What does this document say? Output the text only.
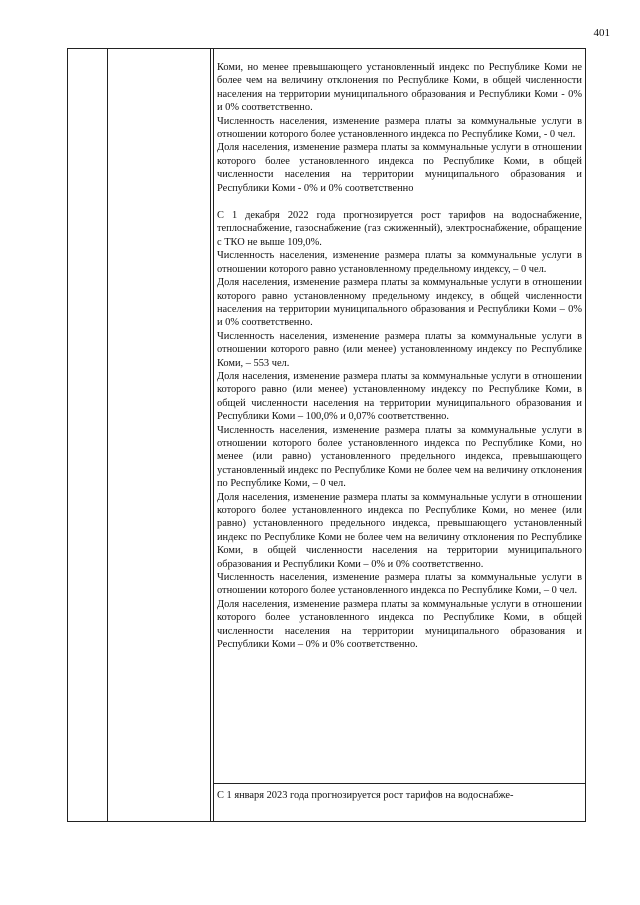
401

Коми, но менее превышающего установленный индекс по Республике Коми не более чем на величину отклонения по Республике Коми, в общей численности населения на территории муниципального образования и Республики Коми - 0% и 0% соответственно.

Численность населения, изменение размера платы за коммунальные услуги в отношении которого более установленного индекса по Республике Коми, - 0 чел.

Доля населения, изменение размера платы за коммунальные услуги в отношении которого более установленного индекса по Республике Коми, в общей численности населения на территории муниципального образования и Республики Коми - 0% и 0% соответственно

С 1 декабря 2022 года прогнозируется рост тарифов на водоснабжение, теплоснабжение, газоснабжение (газ сжиженный), электроснабжение, обращение с ТКО не выше 109,0%.

Численность населения, изменение размера платы за коммунальные услуги в отношении которого равно установленному предельному индексу, – 0 чел.

Доля населения, изменение размера платы за коммунальные услуги в отношении которого равно установленному предельному индексу, в общей численности населения на территории муниципального образования и Республики Коми – 0% и 0% соответственно.

Численность населения, изменение размера платы за коммунальные услуги в отношении которого равно (или менее) установленному индексу по Республике Коми, – 553 чел.

Доля населения, изменение размера платы за коммунальные услуги в отношении которого равно (или менее) установленному индексу по Республике Коми, в общей численности населения на территории муниципального образования и Республики Коми – 100,0% и 0,07% соответственно.

Численность населения, изменение размера платы за коммунальные услуги в отношении которого более установленного индекса по Республике Коми, но менее (или равно) установленного предельного индекса, превышающего установленный индекс по Республике Коми не более чем на величину отклонения по Республике Коми, – 0 чел.

Доля населения, изменение размера платы за коммунальные услуги в отношении которого более установленного индекса по Республике Коми, но менее (или равно) установленного предельного индекса, превышающего установленный индекс по Республике Коми не более чем на величину отклонения по Республике Коми, в общей численности населения на территории муниципального образования и Республики Коми – 0% и 0% соответственно.

Численность населения, изменение размера платы за коммунальные услуги в отношении которого более установленного индекса по Республике Коми, – 0 чел.

Доля населения, изменение размера платы за коммунальные услуги в отношении которого более установленного индекса по Республике Коми, в общей численности населения на территории муниципального образования и Республики Коми – 0% и 0% соответственно.

С 1 января 2023 года прогнозируется рост тарифов на водоснабже-
